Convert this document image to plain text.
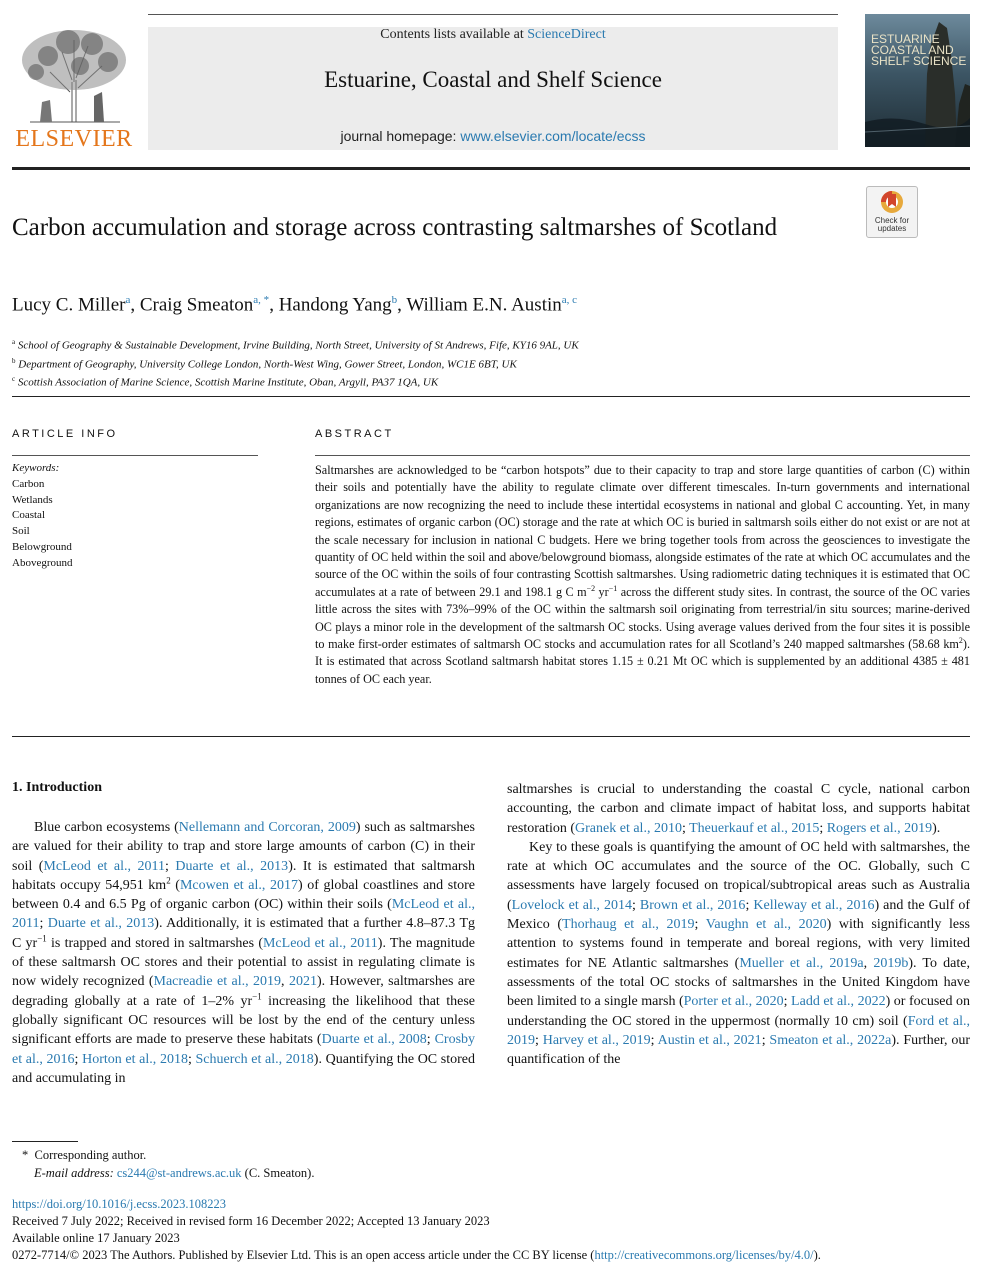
ELSEVIER
Contents lists available at ScienceDirect
Estuarine, Coastal and Shelf Science
journal homepage: www.elsevier.com/locate/ecss
ESTUARINE COASTAL AND SHELF SCIENCE
Check for
updates
Carbon accumulation and storage across contrasting saltmarshes of Scotland
Lucy C. Miller$^a$, Craig Smeaton$^{a, *}$, Handong Yang$^b$, William E.N. Austin$^{a, c}$
$^a$ School of Geography & Sustainable Development, Irvine Building, North Street, University of St Andrews, Fife, KY16 9AL, UK
$^b$ Department of Geography, University College London, North-West Wing, Gower Street, London, WC1E 6BT, UK
$^c$ Scottish Association of Marine Science, Scottish Marine Institute, Oban, Argyll, PA37 1QA, UK
ARTICLE INFO	ABSTRACT
Keywords:
Carbon
Wetlands
Coastal
Soil
Belowground
Aboveground
Saltmarshes are acknowledged to be “carbon hotspots” due to their capacity to trap and store large quantities of carbon (C) within their soils and potentially have the ability to regulate climate over different timescales. In-turn governments and international organizations are now recognizing the need to include these intertidal ecosystems in national and global C accounting. Yet, in many regions, estimates of organic carbon (OC) storage and the rate at which OC is buried in saltmarsh soils either do not exist or are not at the scale necessary for inclusion in national C budgets. Here we bring together tools from across the geosciences to investigate the quantity of OC held within the soil and above/belowground biomass, alongside estimates of the rate at which OC accumulates and the source of the OC within the soils of four contrasting Scottish saltmarshes. Using radiometric dating techniques it is estimated that OC accumulates at a rate of between 29.1 and 198.1 g C $m^{-2}$ $yr^{-1}$ across the different study sites. In contrast, the source of the OC varies little across the sites with 73%–99% of the OC within the saltmarsh soil originating from terrestrial/in situ sources; marine-derived OC plays a minor role in the development of the saltmarsh OC stocks. Using average values derived from the four sites it is possible to make first-order estimates of saltmarsh OC stocks and accumulation rates for all Scotland’s 240 mapped saltmarshes (58.68 $km^2$). It is estimated that across Scotland saltmarsh habitat stores 1.15 ± 0.21 Mt OC which is supplemented by an additional 4385 ± 481 tonnes of OC each year.
1. Introduction

Blue carbon ecosystems (Nellemann and Corcoran, 2009) such as saltmarshes are valued for their ability to trap and store large amounts of carbon (C) in their soil (McLeod et al., 2011; Duarte et al., 2013). It is estimated that saltmarsh habitats occupy 54,951 $km^2$ (Mcowen et al., 2017) of global coastlines and store between 0.4 and 6.5 Pg of organic carbon (OC) within their soils (McLeod et al., 2011; Duarte et al., 2013). Additionally, it is estimated that a further 4.8–87.3 Tg C $yr^{-1}$ is trapped and stored in saltmarshes (McLeod et al., 2011). The magnitude of these saltmarsh OC stores and their potential to assist in regulating climate is now widely recognized (Macreadie et al., 2019, 2021). However, saltmarshes are degrading globally at a rate of 1–2% $yr^{-1}$ increasing the likelihood that these globally significant OC resources will be lost by the end of the century unless significant efforts are made to preserve these habitats (Duarte et al., 2008; Crosby et al., 2016; Horton et al., 2018; Schuerch et al., 2018). Quantifying the OC stored and accumulating in

saltmarshes is crucial to understanding the coastal C cycle, national carbon accounting, the carbon and climate impact of habitat loss, and supports habitat restoration (Granek et al., 2010; Theuerkauf et al., 2015; Rogers et al., 2019).

Key to these goals is quantifying the amount of OC held with saltmarshes, the rate at which OC accumulates and the source of the OC. Globally, such C assessments have largely focused on tropical/subtropical areas such as Australia (Lovelock et al., 2014; Brown et al., 2016; Kelleway et al., 2016) and the Gulf of Mexico (Thorhaug et al., 2019; Vaughn et al., 2020) with significantly less attention to systems found in temperate and boreal regions, with very limited estimates for NE Atlantic saltmarshes (Mueller et al., 2019a, 2019b). To date, assessments of the total OC stocks of saltmarshes in the United Kingdom have been limited to a single marsh (Porter et al., 2020; Ladd et al., 2022) or focused on understanding the OC stored in the uppermost (normally 10 cm) soil (Ford et al., 2019; Harvey et al., 2019; Austin et al., 2021; Smeaton et al., 2022a). Further, our quantification of the

* Corresponding author.
E-mail address: cs244@st-andrews.ac.uk (C. Smeaton).
https://doi.org/10.1016/j.ecss.2023.108223
Received 7 July 2022; Received in revised form 16 December 2022; Accepted 13 January 2023
Available online 17 January 2023
0272-7714/© 2023 The Authors. Published by Elsevier Ltd. This is an open access article under the CC BY license (http://creativecommons.org/licenses/by/4.0/).
